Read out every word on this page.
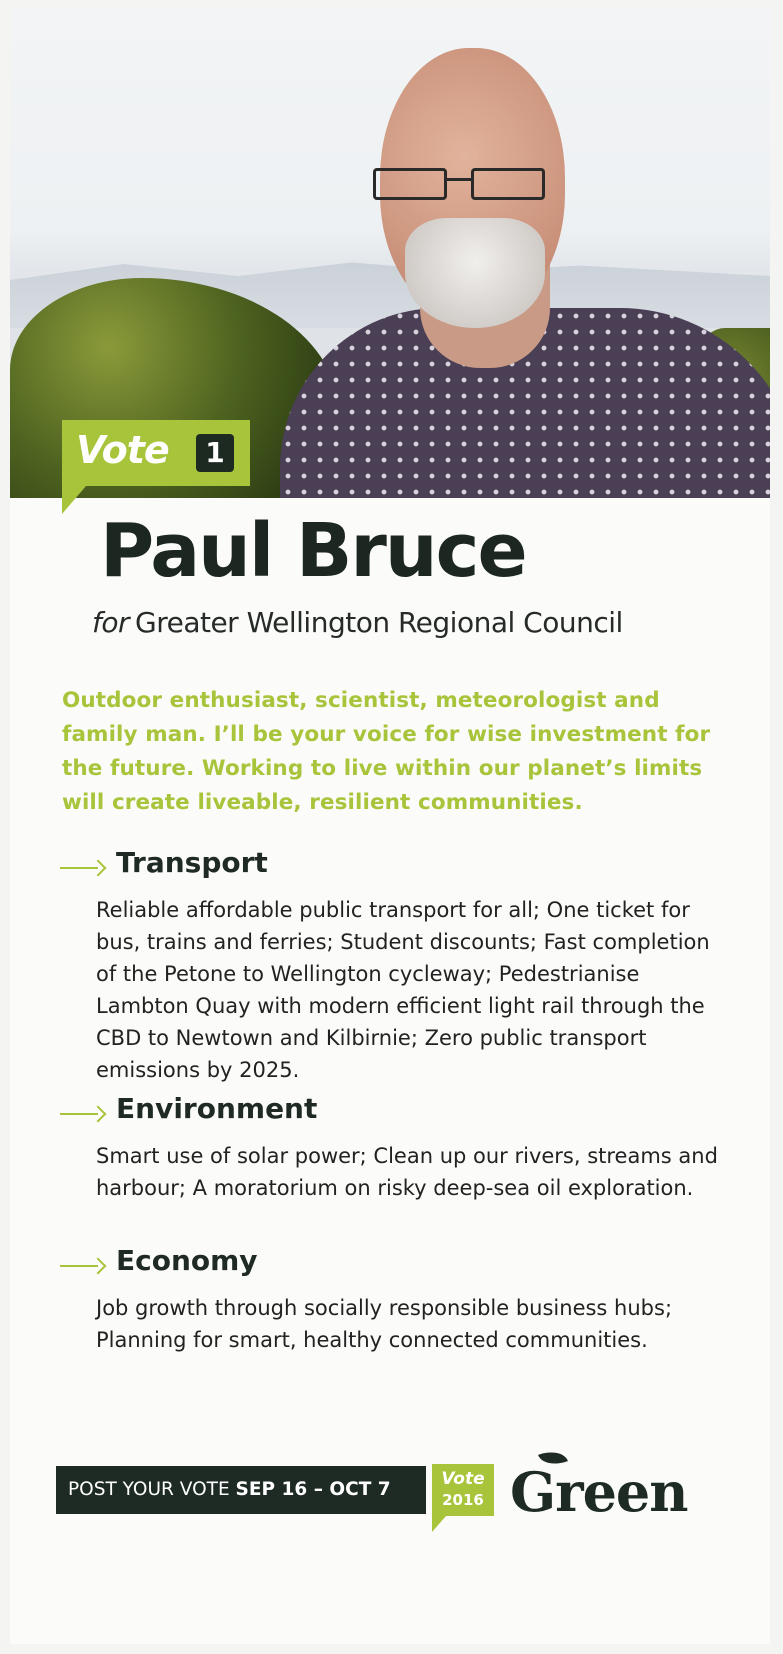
Vote	1
Paul Bruce
for Greater Wellington Regional Council
Outdoor enthusiast, scientist, meteorologist and family man. I’ll be your voice for wise investment for the future. Working to live within our planet’s limits will create liveable, resilient communities.
Transport

Reliable affordable public transport for all; One ticket for bus, trains and ferries; Student discounts; Fast completion of the Petone to Wellington cycleway; Pedestrianise Lambton Quay with modern efficient light rail through the CBD to Newtown and Kilbirnie; Zero public transport emissions by 2025.

Environment

Smart use of solar power; Clean up our rivers, streams and harbour; A moratorium on risky deep-sea oil exploration.

Economy

Job growth through socially responsible business hubs; Planning for smart, healthy connected communities.

POST YOUR VOTE SEP 16 – OCT 7	Vote
2016 Green
